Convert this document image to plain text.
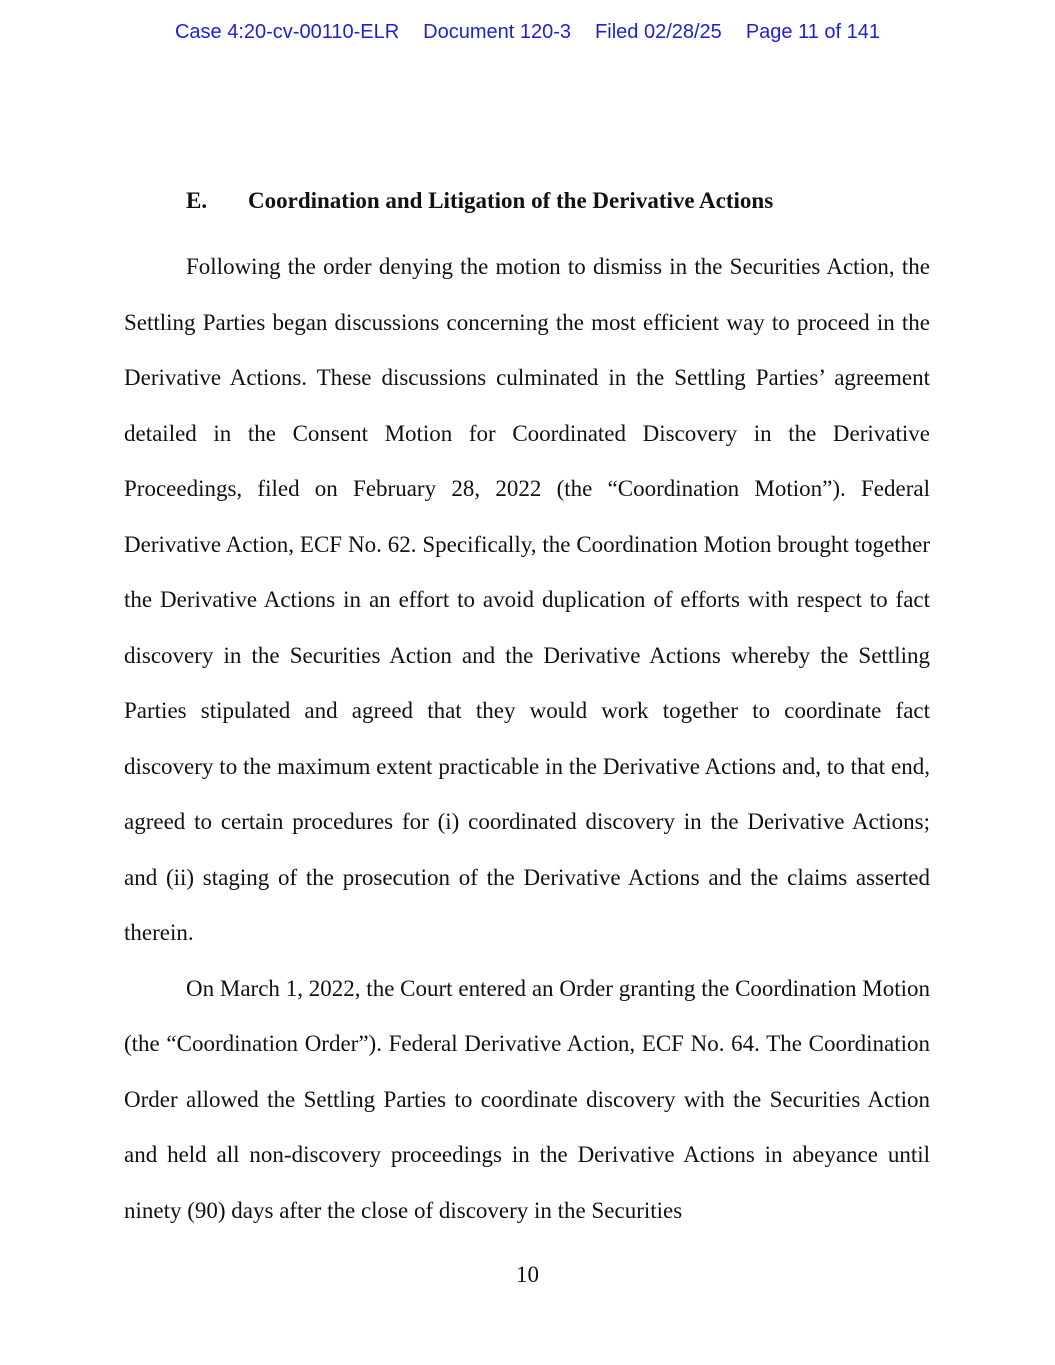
Case 4:20-cv-00110-ELR Document 120-3 Filed 02/28/25 Page 11 of 141
E. Coordination and Litigation of the Derivative Actions

Following the order denying the motion to dismiss in the Securities Action, the Settling Parties began discussions concerning the most efficient way to proceed in the Derivative Actions. These discussions culminated in the Settling Parties’ agreement detailed in the Consent Motion for Coordinated Discovery in the Derivative Proceedings, filed on February 28, 2022 (the “Coordination Motion”). Federal Derivative Action, ECF No. 62. Specifically, the Coordination Motion brought together the Derivative Actions in an effort to avoid duplication of efforts with respect to fact discovery in the Securities Action and the Derivative Actions whereby the Settling Parties stipulated and agreed that they would work together to coordinate fact discovery to the maximum extent practicable in the Derivative Actions and, to that end, agreed to certain procedures for (i) coordinated discovery in the Derivative Actions; and (ii) staging of the prosecution of the Derivative Actions and the claims asserted therein.

On March 1, 2022, the Court entered an Order granting the Coordination Motion (the “Coordination Order”). Federal Derivative Action, ECF No. 64. The Coordination Order allowed the Settling Parties to coordinate discovery with the Securities Action and held all non-discovery proceedings in the Derivative Actions in abeyance until ninety (90) days after the close of discovery in the Securities

10
